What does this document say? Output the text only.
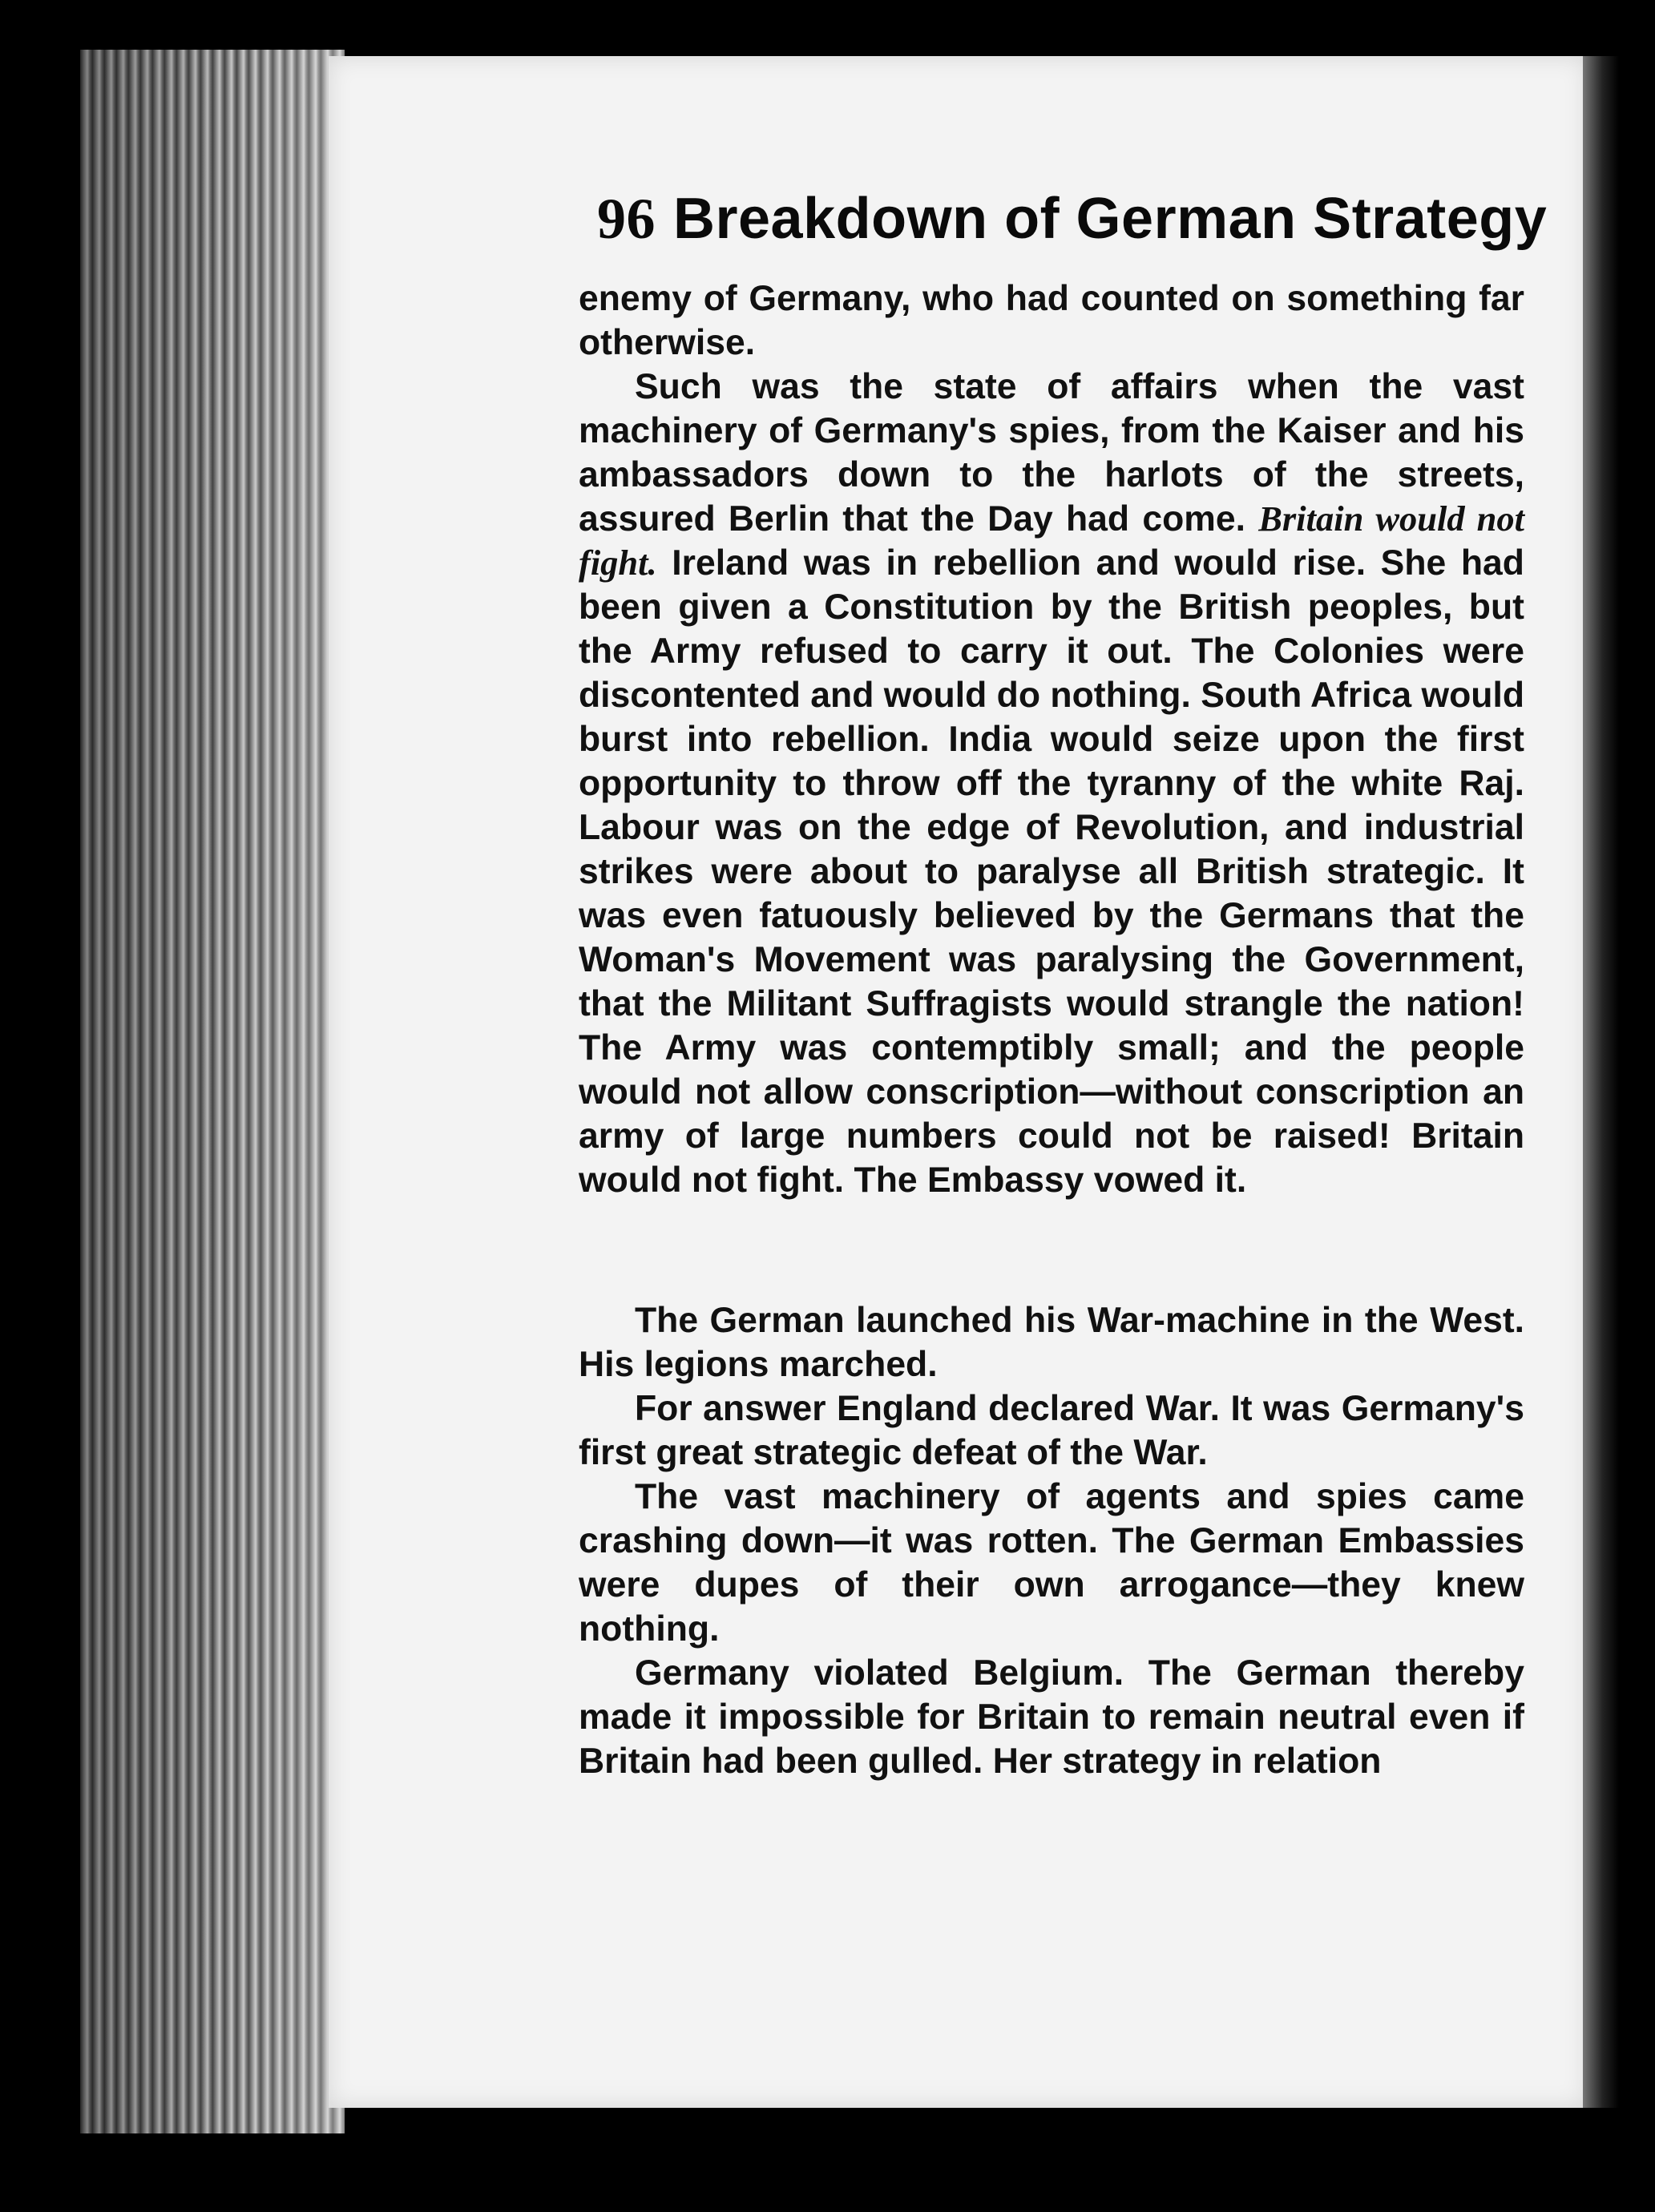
96 Breakdown of German Strategy

enemy of Germany, who had counted on something far otherwise.

Such was the state of affairs when the vast machinery of Germany's spies, from the Kaiser and his ambassadors down to the harlots of the streets, assured Berlin that the Day had come. Britain would not fight. Ireland was in rebellion and would rise. She had been given a Constitution by the British peoples, but the Army refused to carry it out. The Colonies were discontented and would do nothing. South Africa would burst into rebellion. India would seize upon the first opportunity to throw off the tyranny of the white Raj. Labour was on the edge of Revolution, and industrial strikes were about to paralyse all British strategic. It was even fatuously believed by the Germans that the Woman's Movement was paralysing the Government, that the Militant Suffragists would strangle the nation! The Army was contemptibly small; and the people would not allow conscription—without conscription an army of large numbers could not be raised! Britain would not fight. The Embassy vowed it.

The German launched his War-machine in the West. His legions marched.

For answer England declared War. It was Germany's first great strategic defeat of the War.

The vast machinery of agents and spies came crashing down—it was rotten. The German Embassies were dupes of their own arrogance—they knew nothing.

Germany violated Belgium. The German thereby made it impossible for Britain to remain neutral even if Britain had been gulled. Her strategy in relation
